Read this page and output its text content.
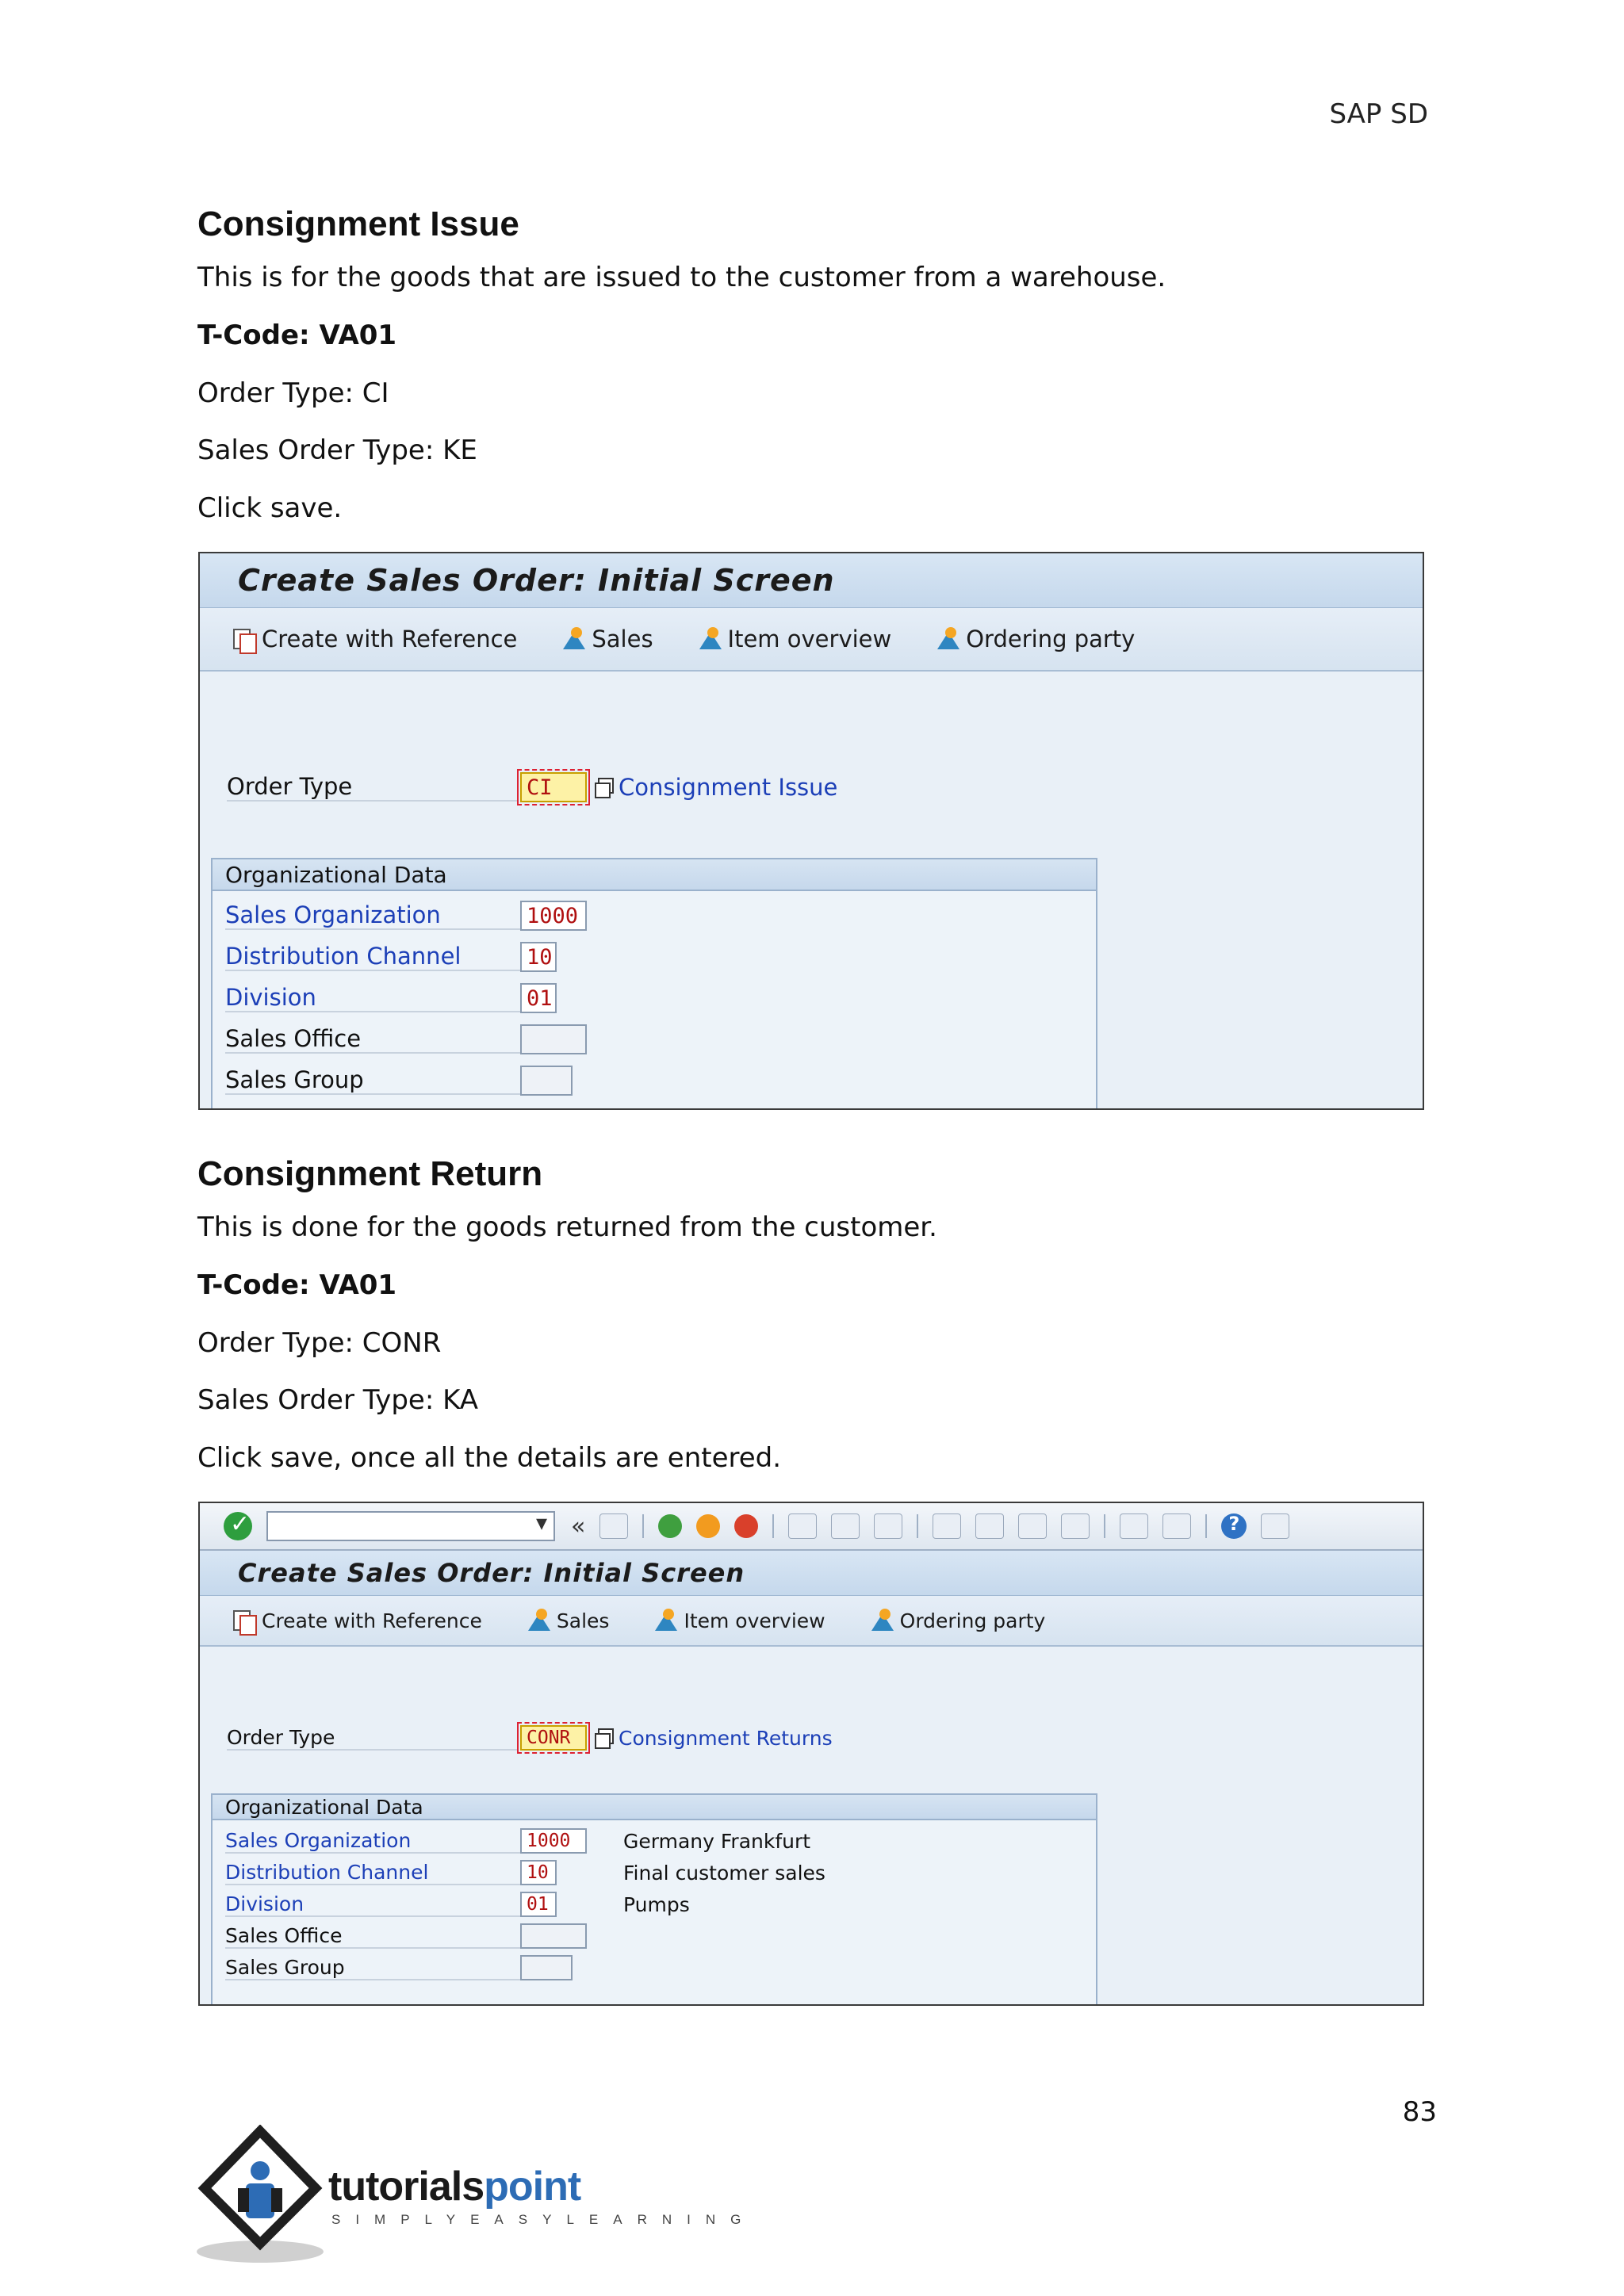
SAP SD
Consignment Issue
This is for the goods that are issued to the customer from a warehouse.
T-Code: VA01
Order Type: CI
Sales Order Type: KE
Click save.
Create Sales Order: Initial Screen
Create with Reference	Sales	Item overview	Ordering party
Order Type	CI	Consignment Issue
Organizational Data
Sales Organization	1000
Distribution Channel	10
Division	01
Sales Office
Sales Group
Consignment Return
This is done for the goods returned from the customer.
T-Code: VA01
Order Type: CONR
Sales Order Type: KA
Click save, once all the details are entered.
✓
▾
«
?
Create Sales Order: Initial Screen
Create with Reference	Sales	Item overview	Ordering party
Order Type	CONR	Consignment Returns
Organizational Data
Sales Organization	1000	Germany Frankfurt
Distribution Channel	10	Final customer sales
Division	01	Pumps
Sales Office
Sales Group
83
tutorialspoint
SIMPLYEASYLEARNING
